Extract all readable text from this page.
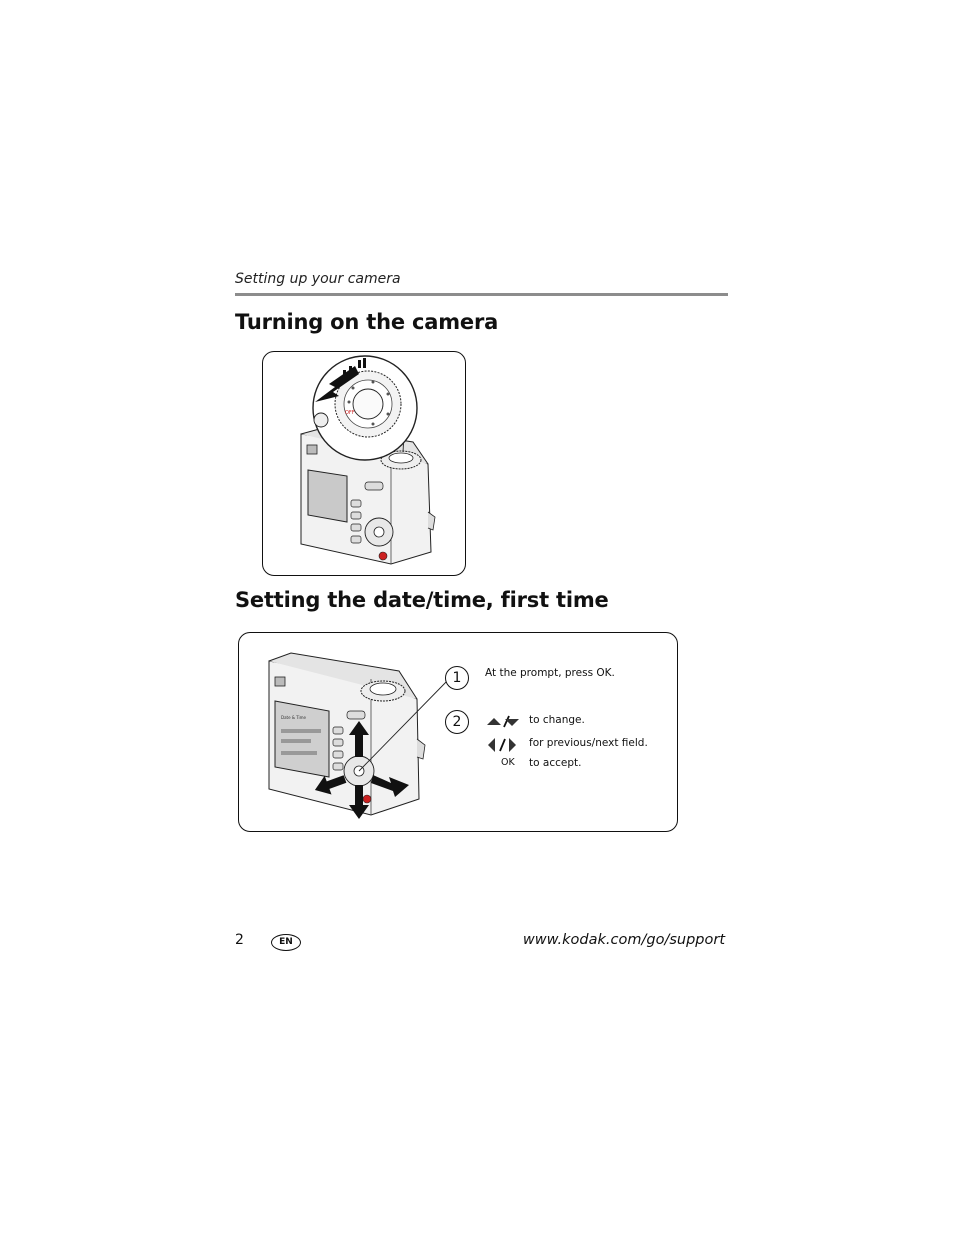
Setting up your camera
Turning on the camera
OFF
Setting the date/time, first time
Date & Time
1	At the prompt, press OK.
2	to change.
for previous/next field.
OK to accept.
2	EN	www.kodak.com/go/support
